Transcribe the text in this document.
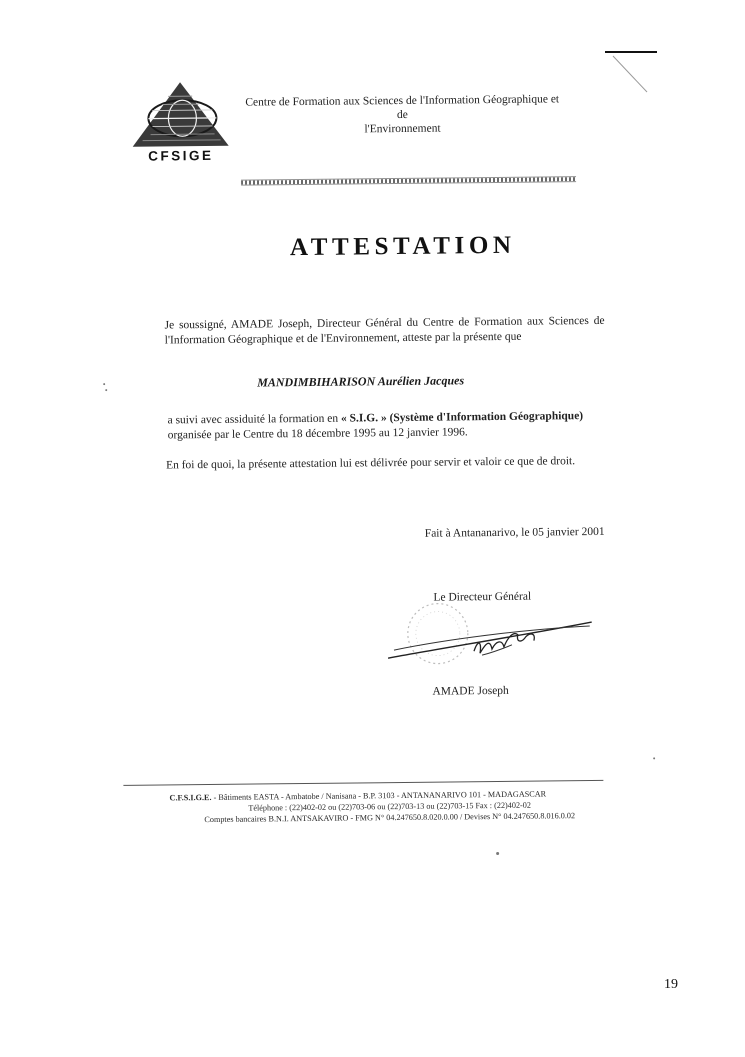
CFSIGE
Centre de Formation aux Sciences de l'Information Géographique et de
l'Environnement
ATTESTATION
Je soussigné, AMADE Joseph, Directeur Général du Centre de Formation aux Sciences de l'Information Géographique et de l'Environnement, atteste par la présente que
MANDIMBIHARISON Aurélien Jacques
a suivi avec assiduité la formation en « S.I.G. » (Système d'Information Géographique)
organisée par le Centre du 18 décembre 1995 au 12 janvier 1996.
En foi de quoi, la présente attestation lui est délivrée pour servir et valoir ce que de droit.
Fait à Antananarivo, le 05 janvier 2001
Le Directeur Général
AMADE Joseph
C.F.S.I.G.E. - Bâtiments EASTA - Ambatobe / Nanisana - B.P. 3103 - ANTANANARIVO 101 - MADAGASCAR
Téléphone : (22)402-02 ou (22)703-06 ou (22)703-13 ou (22)703-15 Fax : (22)402-02
Comptes bancaires B.N.I. ANTSAKAVIRO - FMG N° 04.247650.8.020.0.00 / Devises N° 04.247650.8.016.0.02
19
